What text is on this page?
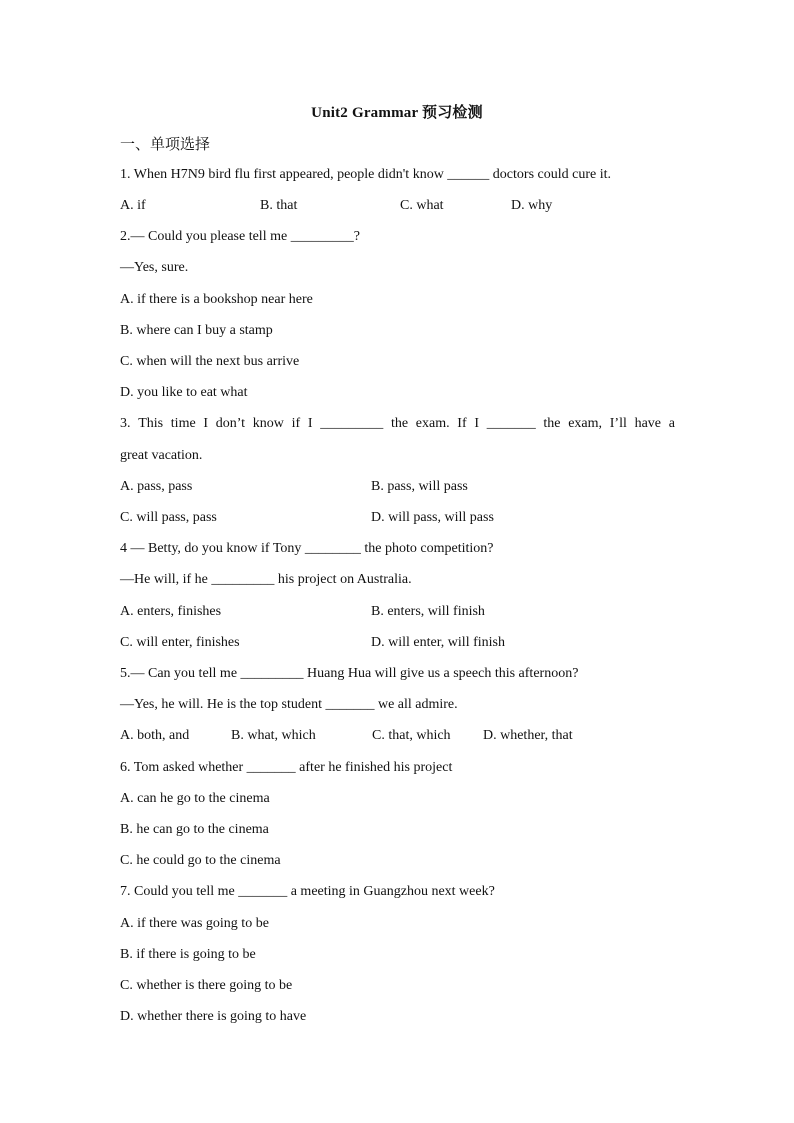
Unit2 Grammar 预习检测
一、单项选择
1. When H7N9 bird flu first appeared, people didn't know ______ doctors could cure it.
A. if	B. that	C. what	D. why
2.— Could you please tell me _________?
—Yes, sure.
A. if there is a bookshop near here
B. where can I buy a stamp
C. when will the next bus arrive
D. you like to eat what
3. This time I don’t know if I _________ the exam. If I _______ the exam, I’ll have a
great vacation.
A. pass, pass	B. pass, will pass
C. will pass, pass	D. will pass, will pass
4 — Betty, do you know if Tony ________ the photo competition?
—He will, if he _________ his project on Australia.
A. enters, finishes	B. enters, will finish
C. will enter, finishes	D. will enter, will finish
5.— Can you tell me _________ Huang Hua will give us a speech this afternoon?
—Yes, he will. He is the top student _______ we all admire.
A. both, and	B. what, which	C. that, which D. whether, that
6. Tom asked whether _______ after he finished his project
A. can he go to the cinema
B. he can go to the cinema
C. he could go to the cinema
7. Could you tell me _______ a meeting in Guangzhou next week?
A. if there was going to be
B. if there is going to be
C. whether is there going to be
D. whether there is going to have
